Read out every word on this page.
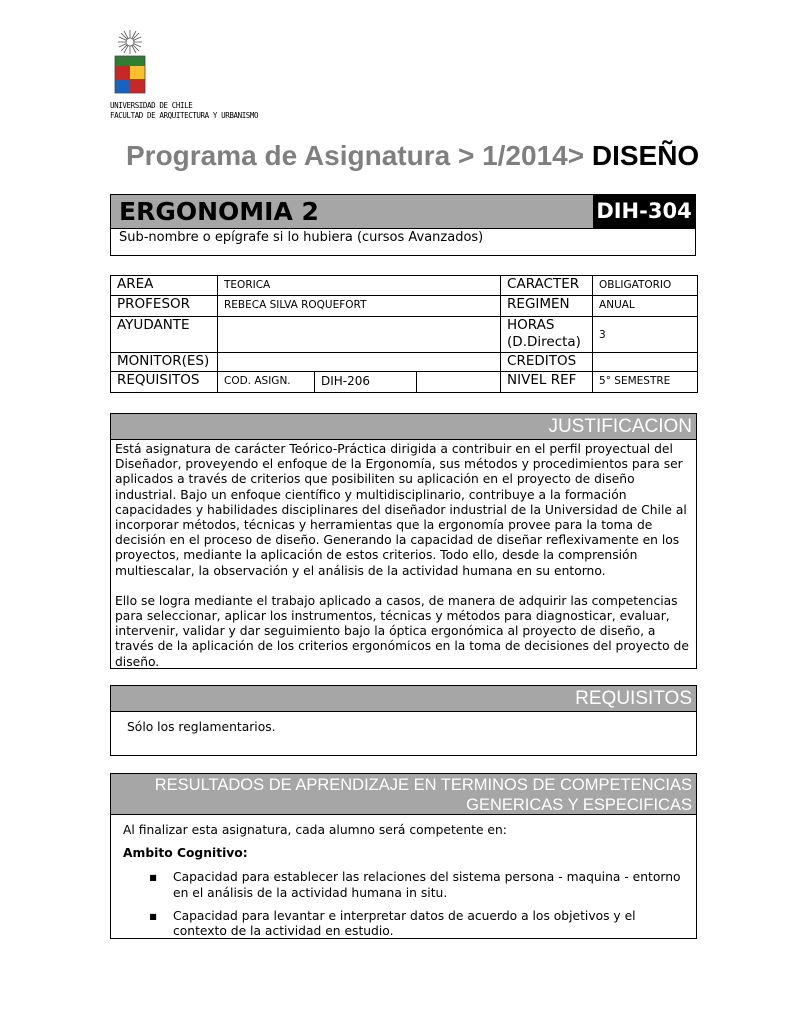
UNIVERSIDAD DE CHILE
FACULTAD DE ARQUITECTURA Y URBANISMO
Programa de Asignatura > 1/2014> DISEÑO
ERGONOMIA 2	DIH-304
Sub-nombre o epígrafe si lo hubiera (cursos Avanzados)
AREA	TEORICA			CARACTER	OBLIGATORIO
PROFESOR	REBECA SILVA ROQUEFORT			REGIMEN	ANUAL
AYUDANTE				HORAS (D.Directa)	3
MONITOR(ES)				CREDITOS	
REQUISITOS	COD. ASIGN.	DIH-206		NIVEL REF	5° SEMESTRE
JUSTIFICACION

Está asignatura de carácter Teórico-Práctica dirigida a contribuir en el perfil proyectual del Diseñador, proveyendo el enfoque de la Ergonomía, sus métodos y procedimientos para ser aplicados a través de criterios que posibiliten su aplicación en el proyecto de diseño industrial. Bajo un enfoque científico y multidisciplinario, contribuye a la formación capacidades y habilidades disciplinares del diseñador industrial de la Universidad de Chile al incorporar métodos, técnicas y herramientas que la ergonomía provee para la toma de decisión en el proceso de diseño. Generando la capacidad de diseñar reflexivamente en los proyectos, mediante la aplicación de estos criterios. Todo ello, desde la comprensión multiescalar, la observación y el análisis de la actividad humana en su entorno.

Ello se logra mediante el trabajo aplicado a casos, de manera de adquirir las competencias para seleccionar, aplicar los instrumentos, técnicas y métodos para diagnosticar, evaluar, intervenir, validar y dar seguimiento bajo la óptica ergonómica al proyecto de diseño, a través de la aplicación de los criterios ergonómicos en la toma de decisiones del proyecto de diseño.

REQUISITOS
Sólo los reglamentarios.
RESULTADOS DE APRENDIZAJE EN TERMINOS DE COMPETENCIAS
GENERICAS Y ESPECIFICAS

Al finalizar esta asignatura, cada alumno será competente en:

Ambito Cognitivo:

▪ Capacidad para establecer las relaciones del sistema persona - maquina - entorno en el análisis de la actividad humana in situ.
▪ Capacidad para levantar e interpretar datos de acuerdo a los objetivos y el contexto de la actividad en estudio.
